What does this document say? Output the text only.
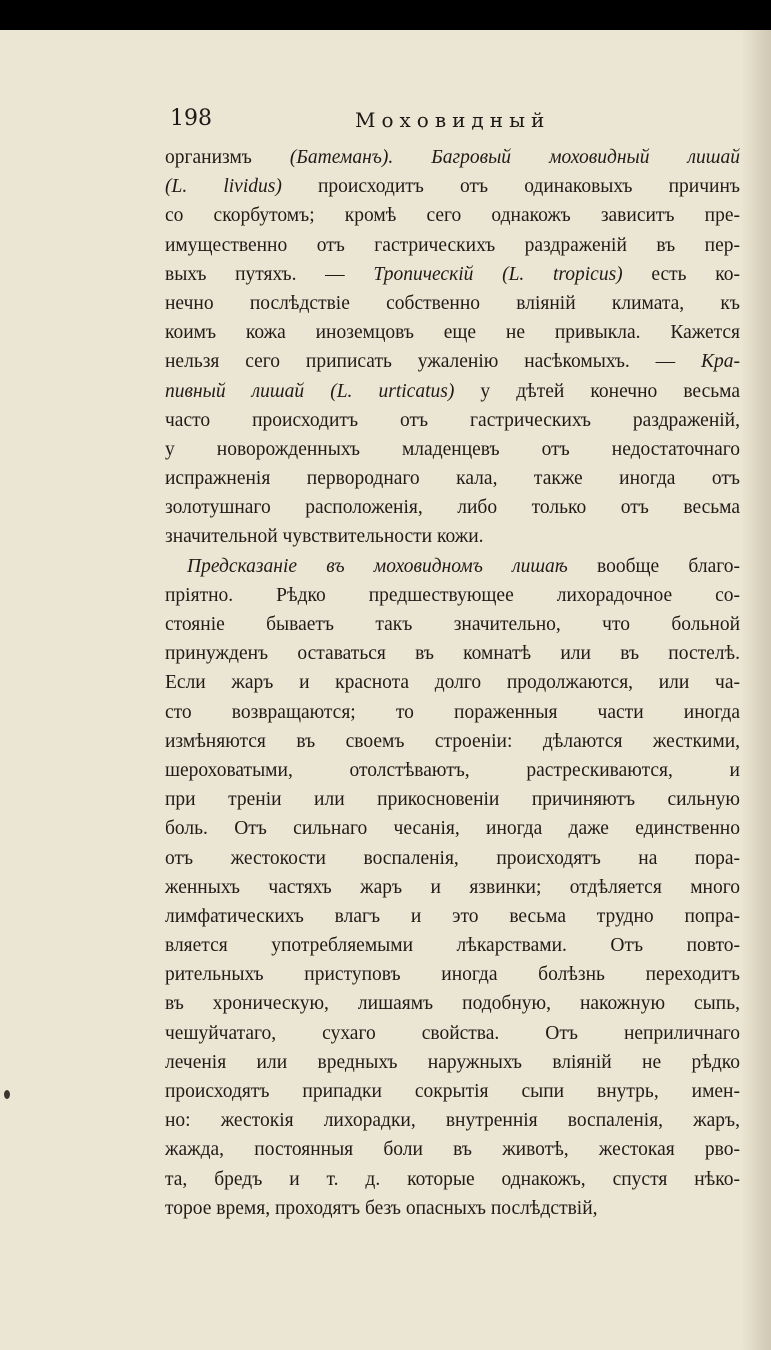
198	Моховидный
организмъ (Батеманъ). Багровый моховидный лишай
(L. lividus) происходитъ отъ одинаковыхъ причинъ
со скорбутомъ; кромѣ сего однакожъ зависитъ пре-
имущественно отъ гастрическихъ раздраженій въ пер-
выхъ путяхъ. — Тропическій (L. tropicus) есть ко-
нечно послѣдствіе собственно вліяній климата, къ
коимъ кожа иноземцовъ еще не привыкла. Кажется
нельзя сего приписать ужаленію насѣкомыхъ. — Кра-
пивный лишай (L. urticatus) у дѣтей конечно весьма
часто происходитъ отъ гастрическихъ раздраженій,
у новорожденныхъ младенцевъ отъ недостаточнаго
испражненія первороднаго кала, также иногда отъ
золотушнаго расположенія, либо только отъ весьма
значительной чувствительности кожи.
Предсказаніе въ моховидномъ лишаѣ вообще благо-
пріятно. Рѣдко предшествующее лихорадочное со-
стояніе бываетъ такъ значительно, что больной
принужденъ оставаться въ комнатѣ или въ постелѣ.
Если жаръ и краснота долго продолжаются, или ча-
сто возвращаются; то пораженныя части иногда
измѣняются въ своемъ строеніи: дѣлаются жесткими,
шероховатыми, отолстѣваютъ, растрескиваются, и
при треніи или прикосновеніи причиняютъ сильную
боль. Отъ сильнаго чесанія, иногда даже единственно
отъ жестокости воспаленія, происходятъ на пора-
женныхъ частяхъ жаръ и язвинки; отдѣляется много
лимфатическихъ влагъ и это весьма трудно попра-
вляется употребляемыми лѣкарствами. Отъ повто-
рительныхъ приступовъ иногда болѣзнь переходитъ
въ хроническую, лишаямъ подобную, накожную сыпь,
чешуйчатаго, сухаго свойства. Отъ неприличнаго
леченія или вредныхъ наружныхъ вліяній не рѣдко
происходятъ припадки сокрытія сыпи внутрь, имен-
но: жестокія лихорадки, внутреннія воспаленія, жаръ,
жажда, постоянныя боли въ животѣ, жестокая рво-
та, бредъ и т. д. которые однакожъ, спустя нѣко-
торое время, проходятъ безъ опасныхъ послѣдствій,
